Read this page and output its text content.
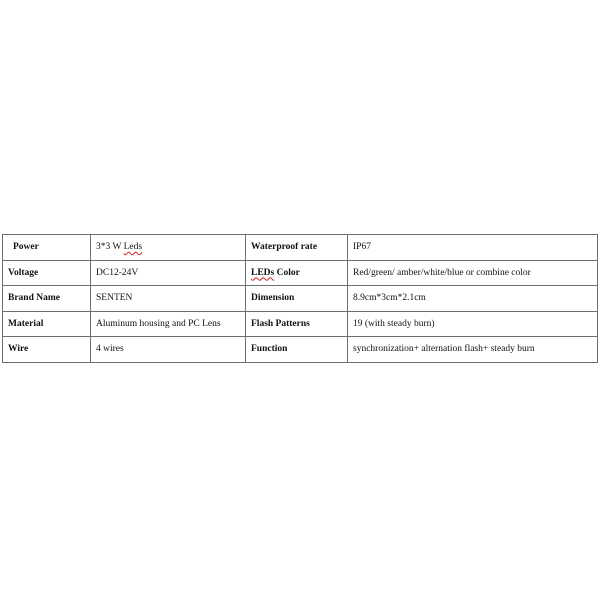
Power	3*3 W Leds	Waterproof rate	IP67
Voltage	DC12-24V	LEDs Color	Red/green/ amber/white/blue or combine color
Brand Name	SENTEN	Dimension	8.9cm*3cm*2.1cm
Material	Aluminum housing and PC Lens	Flash Patterns	19 (with steady burn)
Wire	4 wires	Function	synchronization+ alternation flash+ steady burn
